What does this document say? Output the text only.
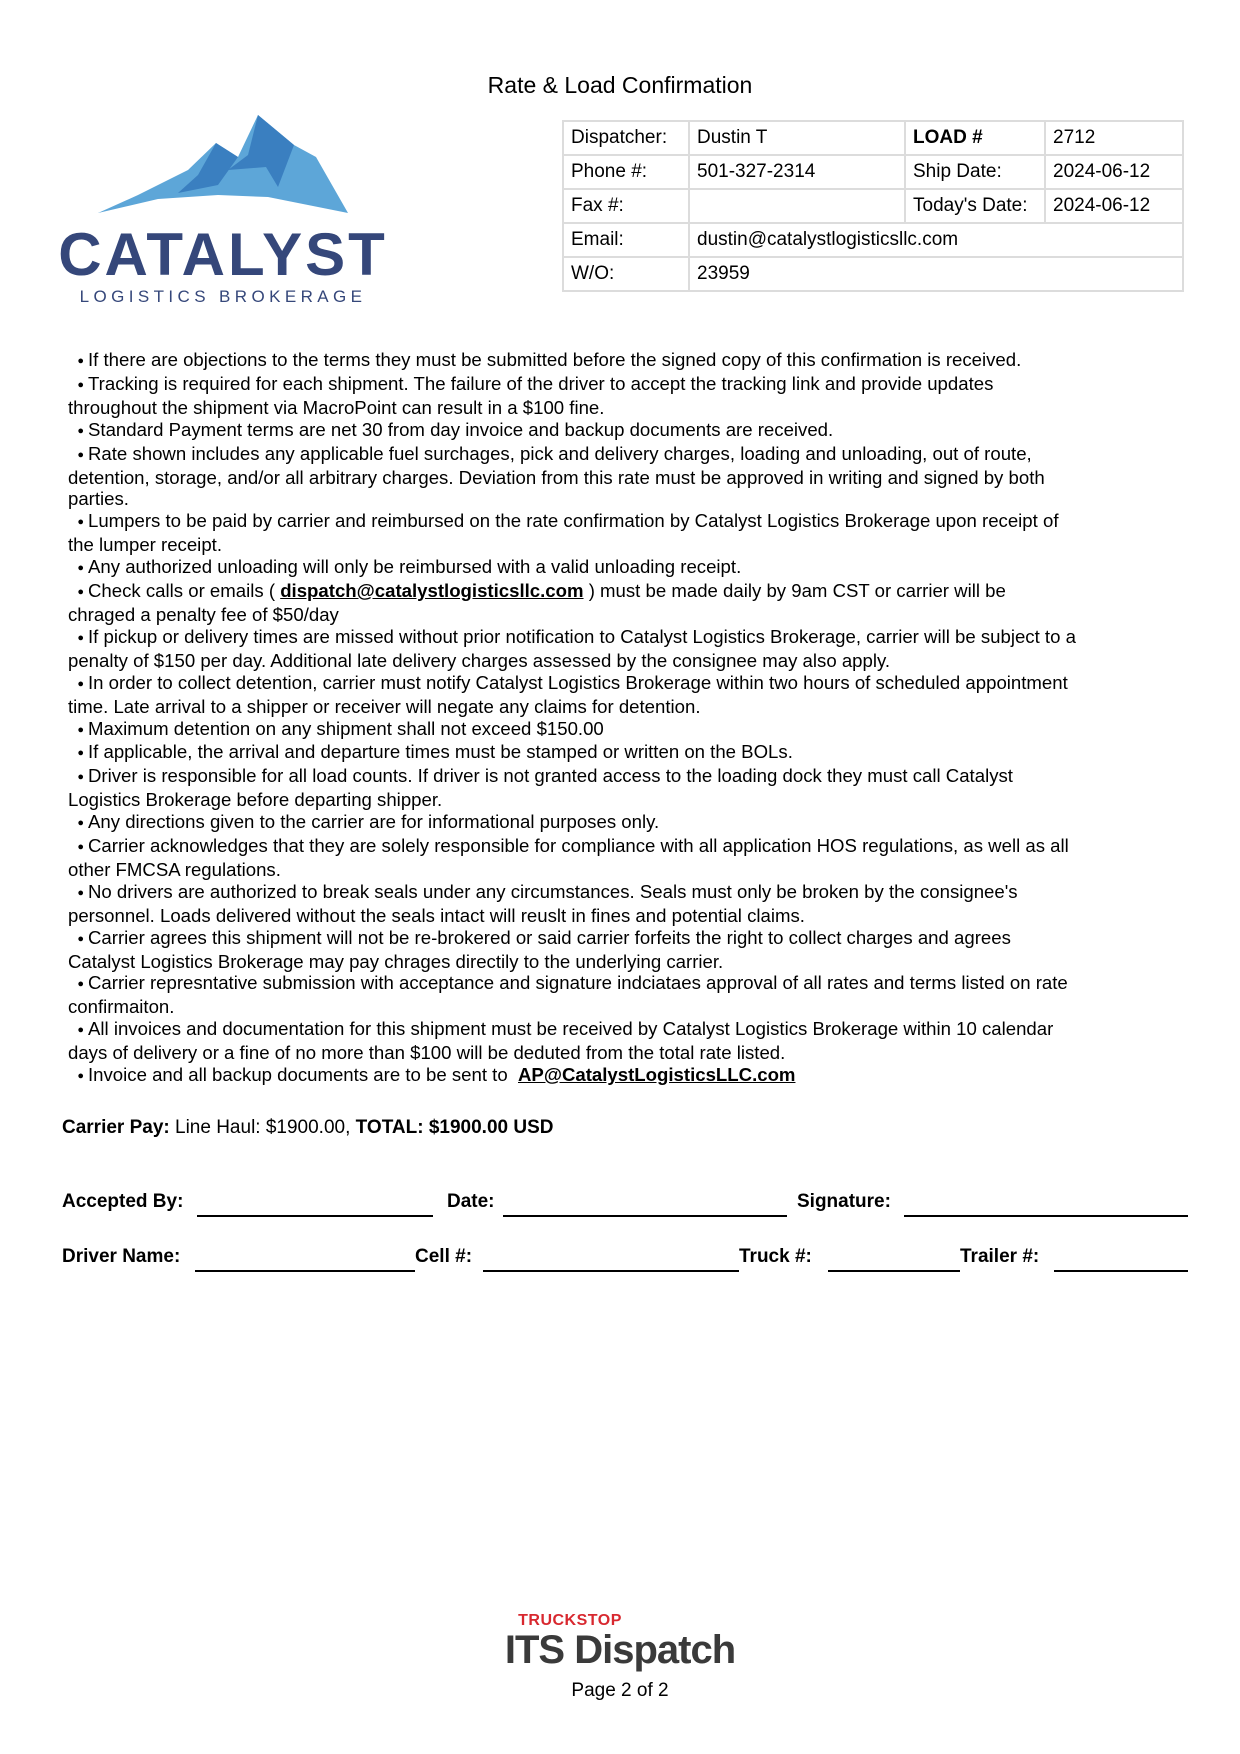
Rate & Load Confirmation
CATALYST
LOGISTICS BROKERAGE
Dispatcher:	Dustin T	LOAD #	2712
Phone #:	501-327-2314	Ship Date:	2024-06-12
Fax #:		Today's Date:	2024-06-12
Email:	dustin@catalystlogisticsllc.com		
W/O:	23959		
● If there are objections to the terms they must be submitted before the signed copy of this confirmation is received.
● Tracking is required for each shipment. The failure of the driver to accept the tracking link and provide updates
throughout the shipment via MacroPoint can result in a $100 fine.
● Standard Payment terms are net 30 from day invoice and backup documents are received.
● Rate shown includes any applicable fuel surchages, pick and delivery charges, loading and unloading, out of route,
detention, storage, and/or all arbitrary charges. Deviation from this rate must be approved in writing and signed by both
parties.
● Lumpers to be paid by carrier and reimbursed on the rate confirmation by Catalyst Logistics Brokerage upon receipt of
the lumper receipt.
● Any authorized unloading will only be reimbursed with a valid unloading receipt.
● Check calls or emails ( dispatch@catalystlogisticsllc.com ) must be made daily by 9am CST or carrier will be
chraged a penalty fee of $50/day
● If pickup or delivery times are missed without prior notification to Catalyst Logistics Brokerage, carrier will be subject to a
penalty of $150 per day. Additional late delivery charges assessed by the consignee may also apply.
● In order to collect detention, carrier must notify Catalyst Logistics Brokerage within two hours of scheduled appointment
time. Late arrival to a shipper or receiver will negate any claims for detention.
● Maximum detention on any shipment shall not exceed $150.00
● If applicable, the arrival and departure times must be stamped or written on the BOLs.
● Driver is responsible for all load counts. If driver is not granted access to the loading dock they must call Catalyst
Logistics Brokerage before departing shipper.
● Any directions given to the carrier are for informational purposes only.
● Carrier acknowledges that they are solely responsible for compliance with all application HOS regulations, as well as all
other FMCSA regulations.
● No drivers are authorized to break seals under any circumstances. Seals must only be broken by the consignee's
personnel. Loads delivered without the seals intact will reuslt in fines and potential claims.
● Carrier agrees this shipment will not be re-brokered or said carrier forfeits the right to collect charges and agrees
Catalyst Logistics Brokerage may pay chrages directily to the underlying carrier.
● Carrier represntative submission with acceptance and signature indciataes approval of all rates and terms listed on rate
confirmaiton.
● All invoices and documentation for this shipment must be received by Catalyst Logistics Brokerage within 10 calendar
days of delivery or a fine of no more than $100 will be deduted from the total rate listed.
● Invoice and all backup documents are to be sent to  AP@CatalystLogisticsLLC.com
Carrier Pay: Line Haul: $1900.00, TOTAL: $1900.00 USD
Accepted By:	Date:	Signature:
Driver Name:	Cell #:	Truck #:	Trailer #:
TRUCKSTOP
ITS Dispatch
Page 2 of 2
